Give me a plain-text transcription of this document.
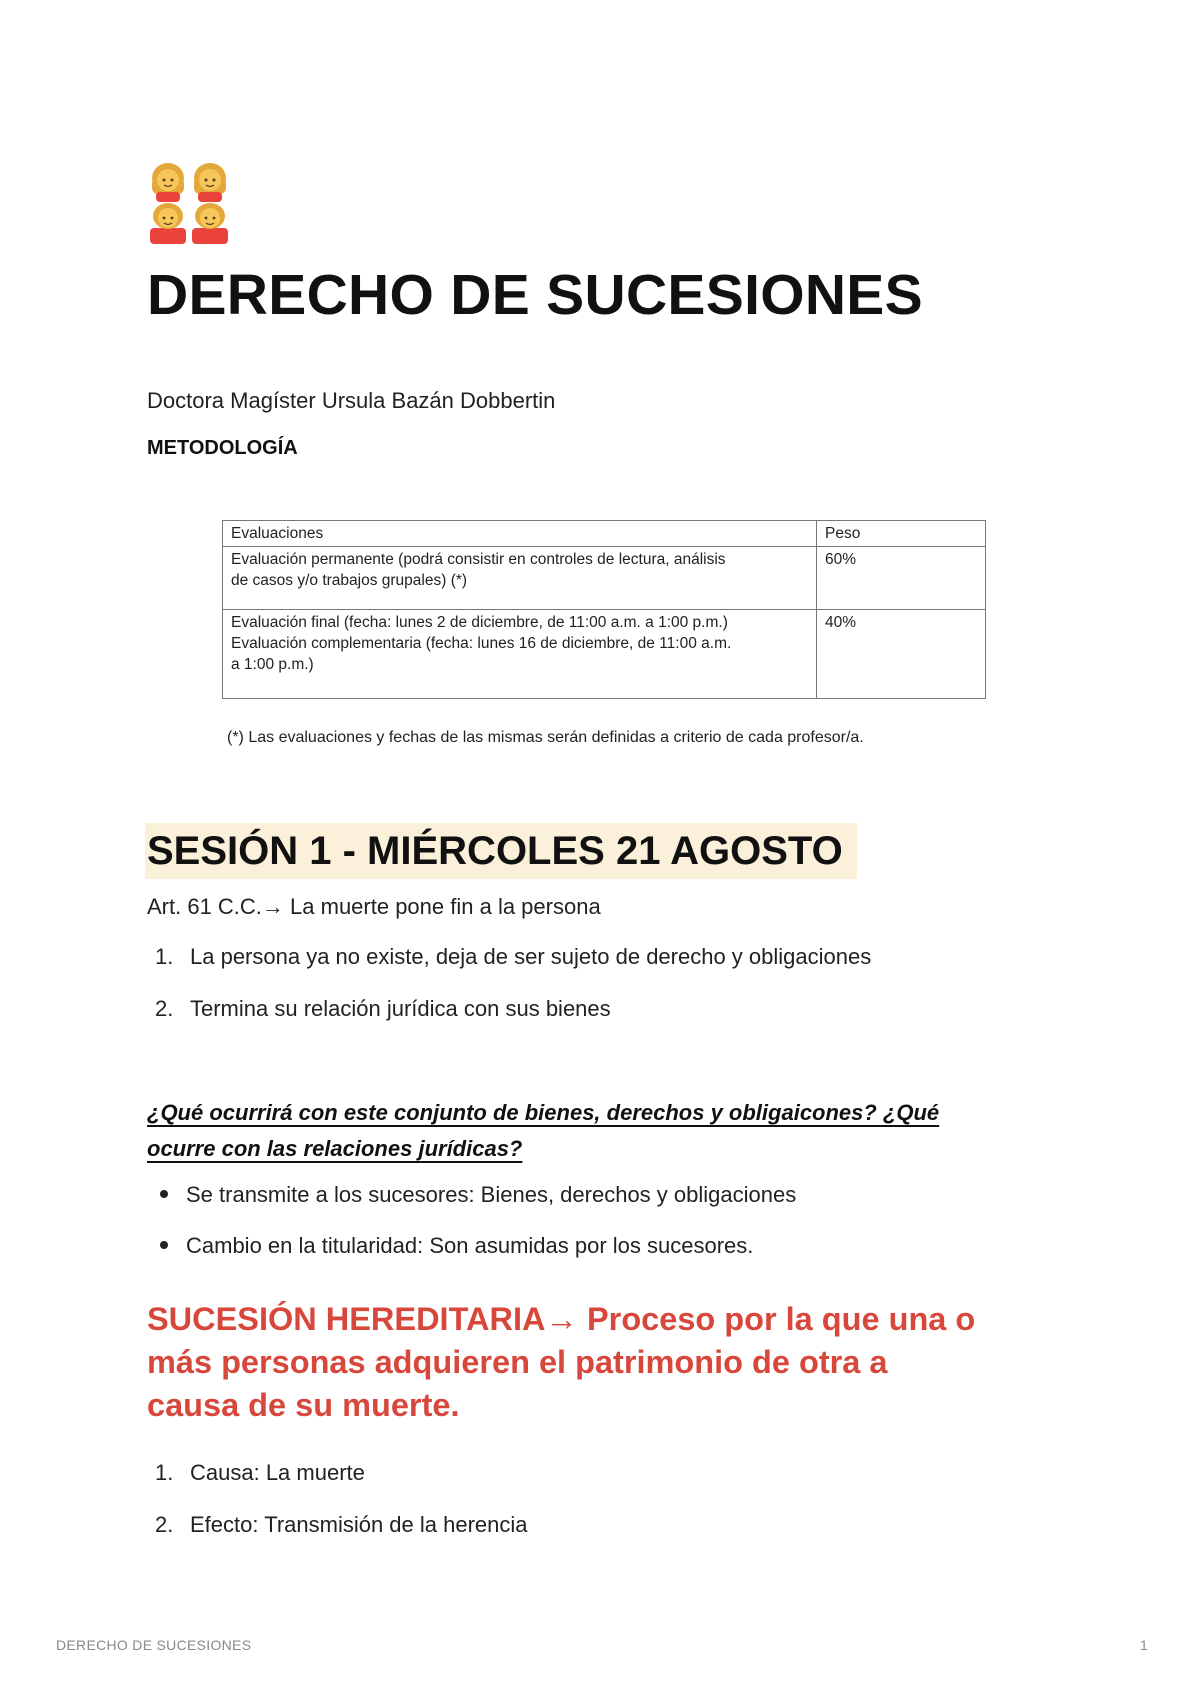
DERECHO DE SUCESIONES
Doctora Magíster Ursula Bazán Dobbertin
METODOLOGÍA
Evaluaciones	Peso

Evaluación permanente (podrá consistir en controles de lectura, análisis
de casos y/o trabajos grupales) (*)	60%

Evaluación final (fecha: lunes 2 de diciembre, de 11:00 a.m. a 1:00 p.m.)
Evaluación complementaria (fecha: lunes 16 de diciembre, de 11:00 a.m.
a 1:00 p.m.)	40%
(*) Las evaluaciones y fechas de las mismas serán definidas a criterio de cada profesor/a.
SESIÓN 1 - MIÉRCOLES 21 AGOSTO
Art. 61 C.C.→ La muerte pone fin a la persona
1. La persona ya no existe, deja de ser sujeto de derecho y obligaciones
2. Termina su relación jurídica con sus bienes
¿Qué ocurrirá con este conjunto de bienes, derechos y obligaicones? ¿Qué
ocurre con las relaciones jurídicas?
Se transmite a los sucesores: Bienes, derechos y obligaciones
Cambio en la titularidad: Son asumidas por los sucesores.
SUCESIÓN HEREDITARIA→ Proceso por la que una o
más personas adquieren el patrimonio de otra a
causa de su muerte.
1. Causa: La muerte
2. Efecto: Transmisión de la herencia
DERECHO DE SUCESIONES	1
